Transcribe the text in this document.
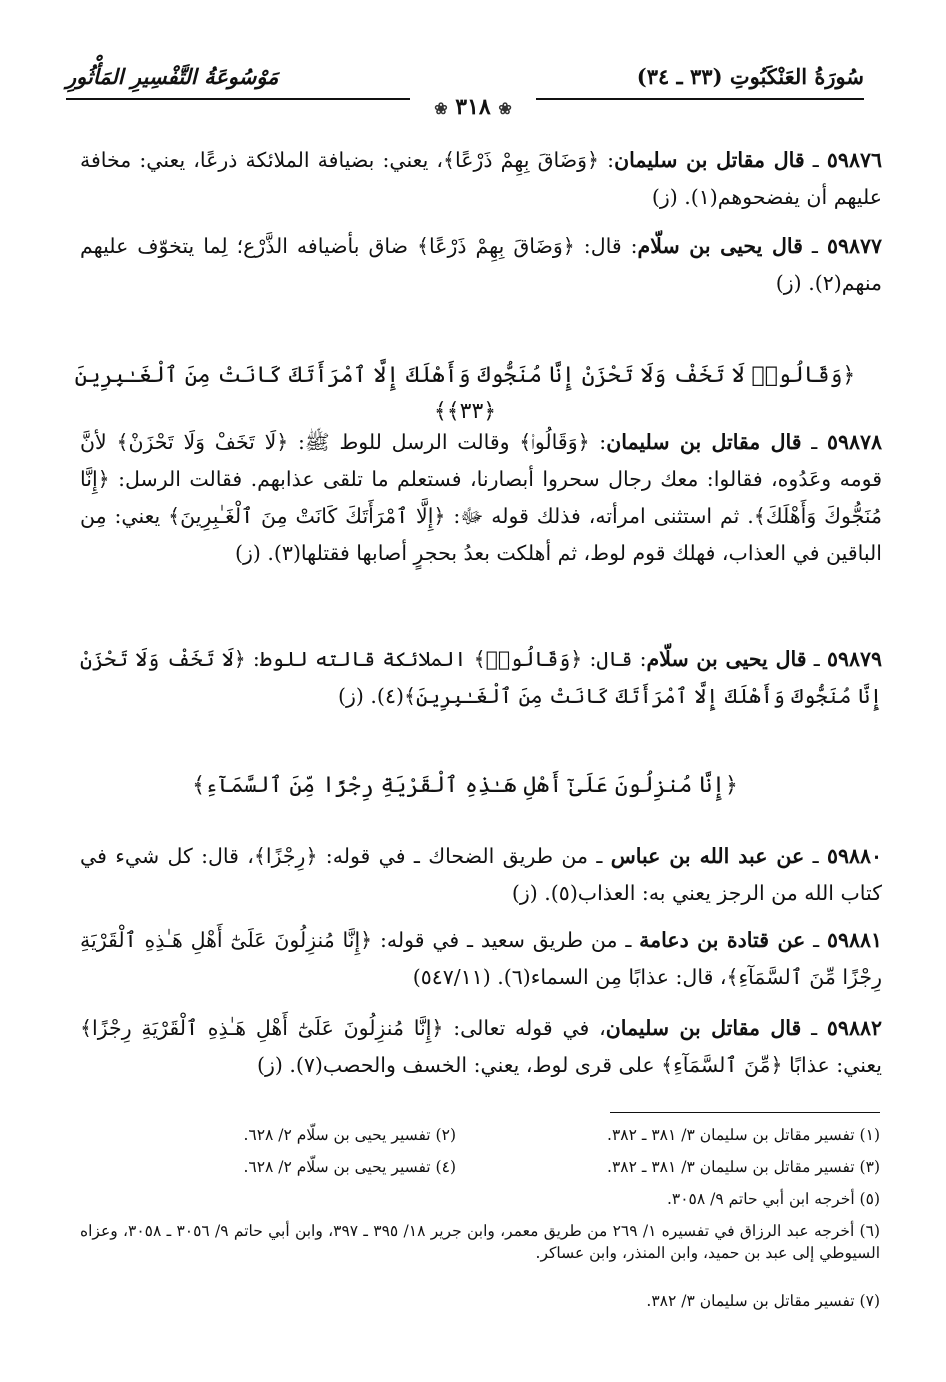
سُورَةُ العَنْكَبُوتِ (٣٣ ـ ٣٤)
مَوْسُوعَةُ التَّفْسِيرِ المَأْثُورِ
❀ ٣١٨ ❀
٥٩٨٧٦ ـ قال مقاتل بن سليمان: ﴿وَضَاقَ بِهِمْ ذَرْعًا﴾، يعني: بضيافة الملائكة ذرعًا، يعني: مخافة عليهم أن يفضحوهم(١). (ز)
٥٩٨٧٧ ـ قال يحيى بن سلّام: قال: ﴿وَضَاقَ بِهِمْ ذَرْعًا﴾ ضاق بأضيافه الذَّرْع؛ لِما يتخوّف عليهم منهم(٢). (ز)
﴿وَقَالُوا۟ لَا تَخَفْ وَلَا تَحْزَنْ إِنَّا مُنَجُّوكَ وَأَهْلَكَ إِلَّا ٱمْرَأَتَكَ كَانَتْ مِنَ ٱلْغَـٰبِرِينَ ﴿٣٣﴾﴾
٥٩٨٧٨ ـ قال مقاتل بن سليمان: ﴿وَقَالُوا۟﴾ وقالت الرسل للوط ﷺ: ﴿لَا تَخَفْ وَلَا تَحْزَنْ﴾ لأنَّ قومه وعَدُوه، فقالوا: معك رجال سحروا أبصارنا، فستعلم ما تلقى عذابهم. فقالت الرسل: ﴿إِنَّا مُنَجُّوكَ وَأَهْلَكَ﴾. ثم استثنى امرأته، فذلك قوله ﷻ: ﴿إِلَّا ٱمْرَأَتَكَ كَانَتْ مِنَ ٱلْغَـٰبِرِينَ﴾ يعني: مِن الباقين في العذاب، فهلك قوم لوط، ثم أهلكت بعدُ بحجرٍ أصابها فقتلها(٣). (ز)
٥٩٨٧٩ ـ قال يحيى بن سلّام: قال: ﴿وَقَالُوا۟﴾ الملائكة قالته للوط: ﴿لَا تَخَفْ وَلَا تَحْزَنْ إِنَّا مُنَجُّوكَ وَأَهْلَكَ إِلَّا ٱمْرَأَتَكَ كَانَتْ مِنَ ٱلْغَـٰبِرِينَ﴾(٤). (ز)
﴿إِنَّا مُنزِلُونَ عَلَىٰٓ أَهْلِ هَـٰذِهِ ٱلْقَرْيَةِ رِجْزًا مِّنَ ٱلسَّمَآءِ﴾
٥٩٨٨٠ ـ عن عبد الله بن عباس ـ من طريق الضحاك ـ في قوله: ﴿رِجْزًا﴾، قال: كل شيء في كتاب الله من الرجز يعني به: العذاب(٥). (ز)
٥٩٨٨١ ـ عن قتادة بن دعامة ـ من طريق سعيد ـ في قوله: ﴿إِنَّا مُنزِلُونَ عَلَىٰٓ أَهْلِ هَـٰذِهِ ٱلْقَرْيَةِ رِجْزًا مِّنَ ٱلسَّمَآءِ﴾، قال: عذابًا مِن السماء(٦). (٥٤٧/١١)
٥٩٨٨٢ ـ قال مقاتل بن سليمان، في قوله تعالى: ﴿إِنَّا مُنزِلُونَ عَلَىٰٓ أَهْلِ هَـٰذِهِ ٱلْقَرْيَةِ رِجْزًا﴾ يعني: عذابًا ﴿مِّنَ ٱلسَّمَآءِ﴾ على قرى لوط، يعني: الخسف والحصب(٧). (ز)
(١) تفسير مقاتل بن سليمان ٣/ ٣٨١ ـ ٣٨٢.
(٢) تفسير يحيى بن سلّام ٢/ ٦٢٨.
(٣) تفسير مقاتل بن سليمان ٣/ ٣٨١ ـ ٣٨٢.
(٤) تفسير يحيى بن سلّام ٢/ ٦٢٨.
(٥) أخرجه ابن أبي حاتم ٩/ ٣٠٥٨.
(٦) أخرجه عبد الرزاق في تفسيره ١/ ٢٦٩ من طريق معمر، وابن جرير ١٨/ ٣٩٥ ـ ٣٩٧، وابن أبي حاتم ٩/ ٣٠٥٦ ـ ٣٠٥٨، وعزاه السيوطي إلى عبد بن حميد، وابن المنذر، وابن عساكر.
(٧) تفسير مقاتل بن سليمان ٣/ ٣٨٢.
